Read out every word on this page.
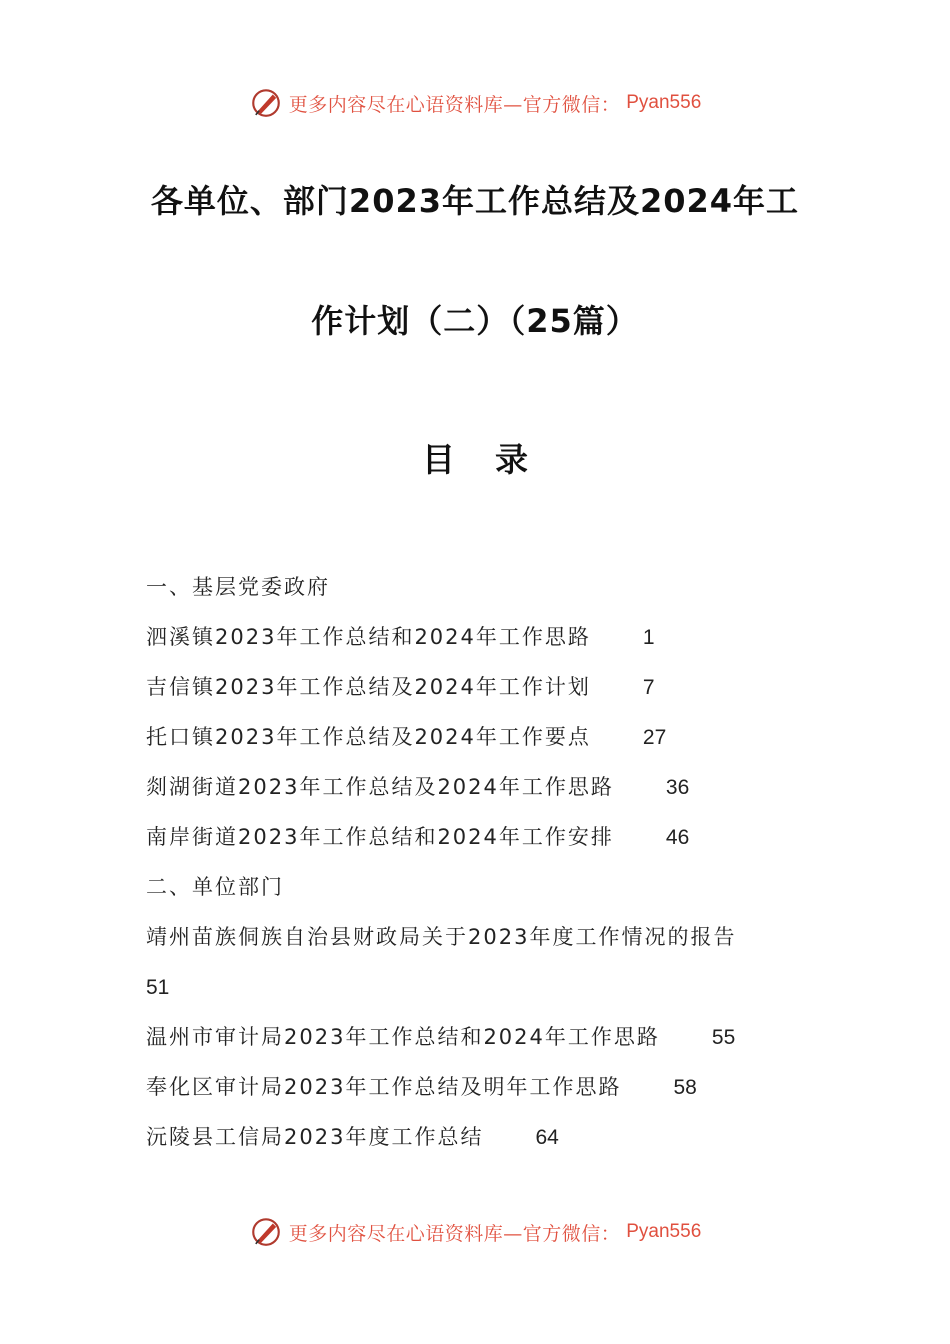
更多内容尽在心语资料库—官方微信： Pyan556
各单位、部门2023年工作总结及2024年工
作计划（二）（25篇）
目录
一、基层党委政府
泗溪镇2023年工作总结和2024年工作思路 1
吉信镇2023年工作总结及2024年工作计划 7
托口镇2023年工作总结及2024年工作要点 27
剡湖街道2023年工作总结及2024年工作思路 36
南岸街道2023年工作总结和2024年工作安排 46
二、单位部门
靖州苗族侗族自治县财政局关于2023年度工作情况的报告
51
温州市审计局2023年工作总结和2024年工作思路 55
奉化区审计局2023年工作总结及明年工作思路 58
沅陵县工信局2023年度工作总结 64
更多内容尽在心语资料库—官方微信： Pyan556
